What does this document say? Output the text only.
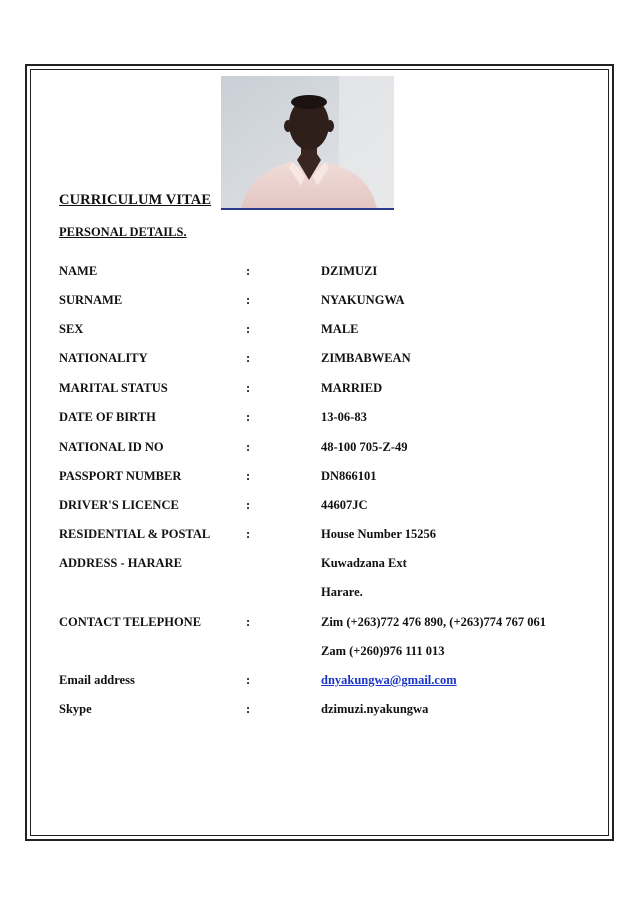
CURRICULUM VITAE
PERSONAL DETAILS.
NAME	:	DZIMUZI
SURNAME	:	NYAKUNGWA
SEX	:	MALE
NATIONALITY	:	ZIMBABWEAN
MARITAL STATUS	:	MARRIED
DATE OF BIRTH	:	13-06-83
NATIONAL ID NO	:	48-100 705-Z-49
PASSPORT NUMBER	:	DN866101
DRIVER'S LICENCE	:	44607JC
RESIDENTIAL & POSTAL	:	House Number 15256
ADDRESS - HARARE	Kuwadzana Ext
Harare.
CONTACT TELEPHONE	:	Zim (+263)772 476 890, (+263)774 767 061
Zam (+260)976 111 013
Email address	:	dnyakungwa@gmail.com
Skype	:	dzimuzi.nyakungwa
